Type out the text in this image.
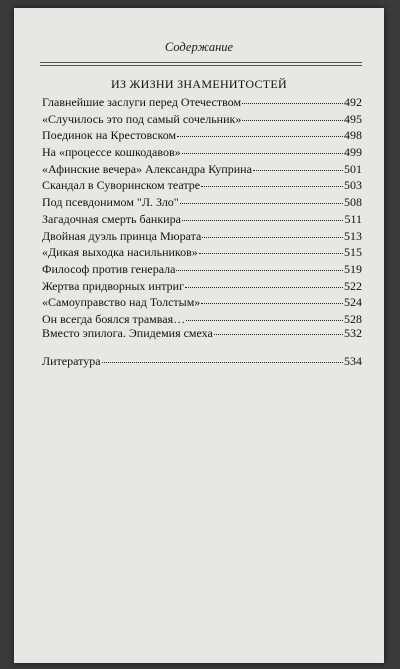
Содержание
ИЗ ЖИЗНИ ЗНАМЕНИТОСТЕЙ
Главнейшие заслуги перед Отечеством	492
«Случилось это под самый сочельник»	495
Поединок на Крестовском	498
На «процессе кошкодавов»	499
«Афинские вечера» Александра Куприна	501
Скандал в Суворинском театре	503
Под псевдонимом "Л. Зло"	508
Загадочная смерть банкира	511
Двойная дуэль принца Мюрата	513
«Дикая выходка насильников»	515
Философ против генерала	519
Жертва придворных интриг	522
«Самоуправство над Толстым»	524
Он всегда боялся трамвая…	528
Вместо эпилога. Эпидемия смеха	532
Литература	534
